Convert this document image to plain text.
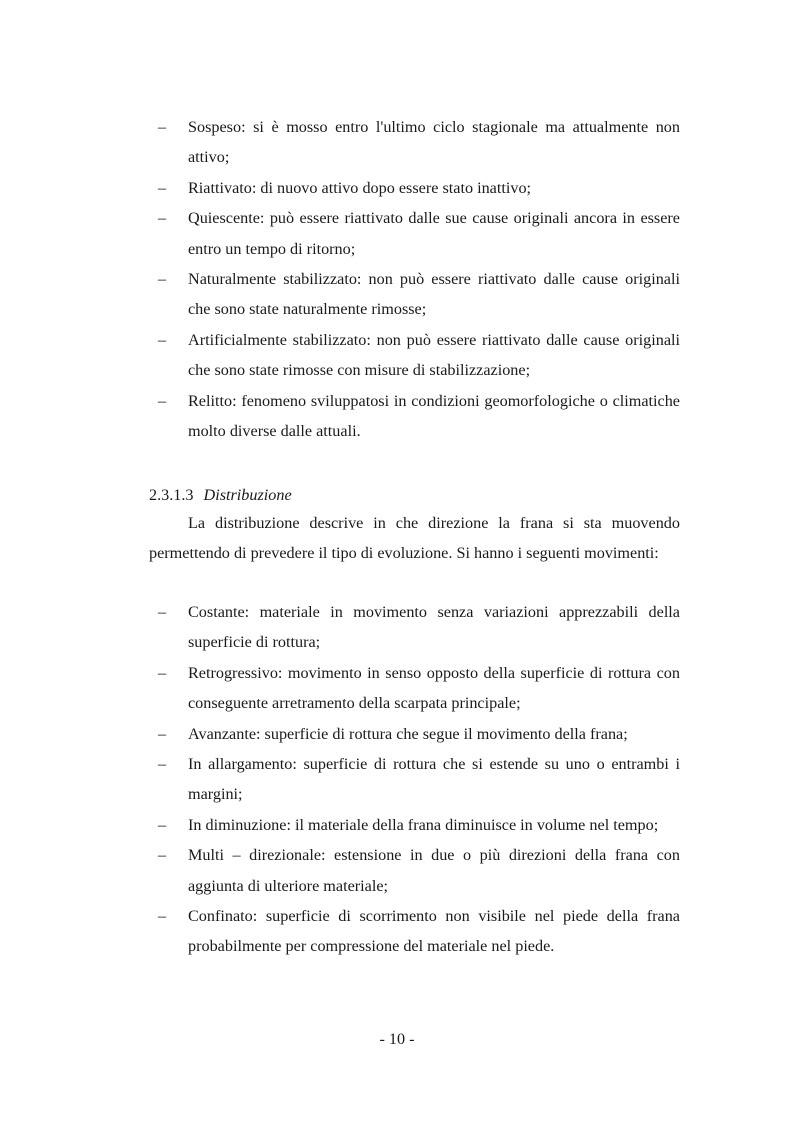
– Sospeso: si è mosso entro l'ultimo ciclo stagionale ma attualmente non attivo;
– Riattivato: di nuovo attivo dopo essere stato inattivo;
– Quiescente: può essere riattivato dalle sue cause originali ancora in essere entro un tempo di ritorno;
– Naturalmente stabilizzato: non può essere riattivato dalle cause originali che sono state naturalmente rimosse;
– Artificialmente stabilizzato: non può essere riattivato dalle cause originali che sono state rimosse con misure di stabilizzazione;
– Relitto: fenomeno sviluppatosi in condizioni geomorfologiche o climatiche molto diverse dalle attuali.
2.3.1.3 Distribuzione

La distribuzione descrive in che direzione la frana si sta muovendo permettendo di prevedere il tipo di evoluzione. Si hanno i seguenti movimenti:

– Costante: materiale in movimento senza variazioni apprezzabili della superficie di rottura;
– Retrogressivo: movimento in senso opposto della superficie di rottura con conseguente arretramento della scarpata principale;
– Avanzante: superficie di rottura che segue il movimento della frana;
– In allargamento: superficie di rottura che si estende su uno o entrambi i margini;
– In diminuzione: il materiale della frana diminuisce in volume nel tempo;
– Multi – direzionale: estensione in due o più direzioni della frana con aggiunta di ulteriore materiale;
– Confinato: superficie di scorrimento non visibile nel piede della frana probabilmente per compressione del materiale nel piede.
- 10 -
